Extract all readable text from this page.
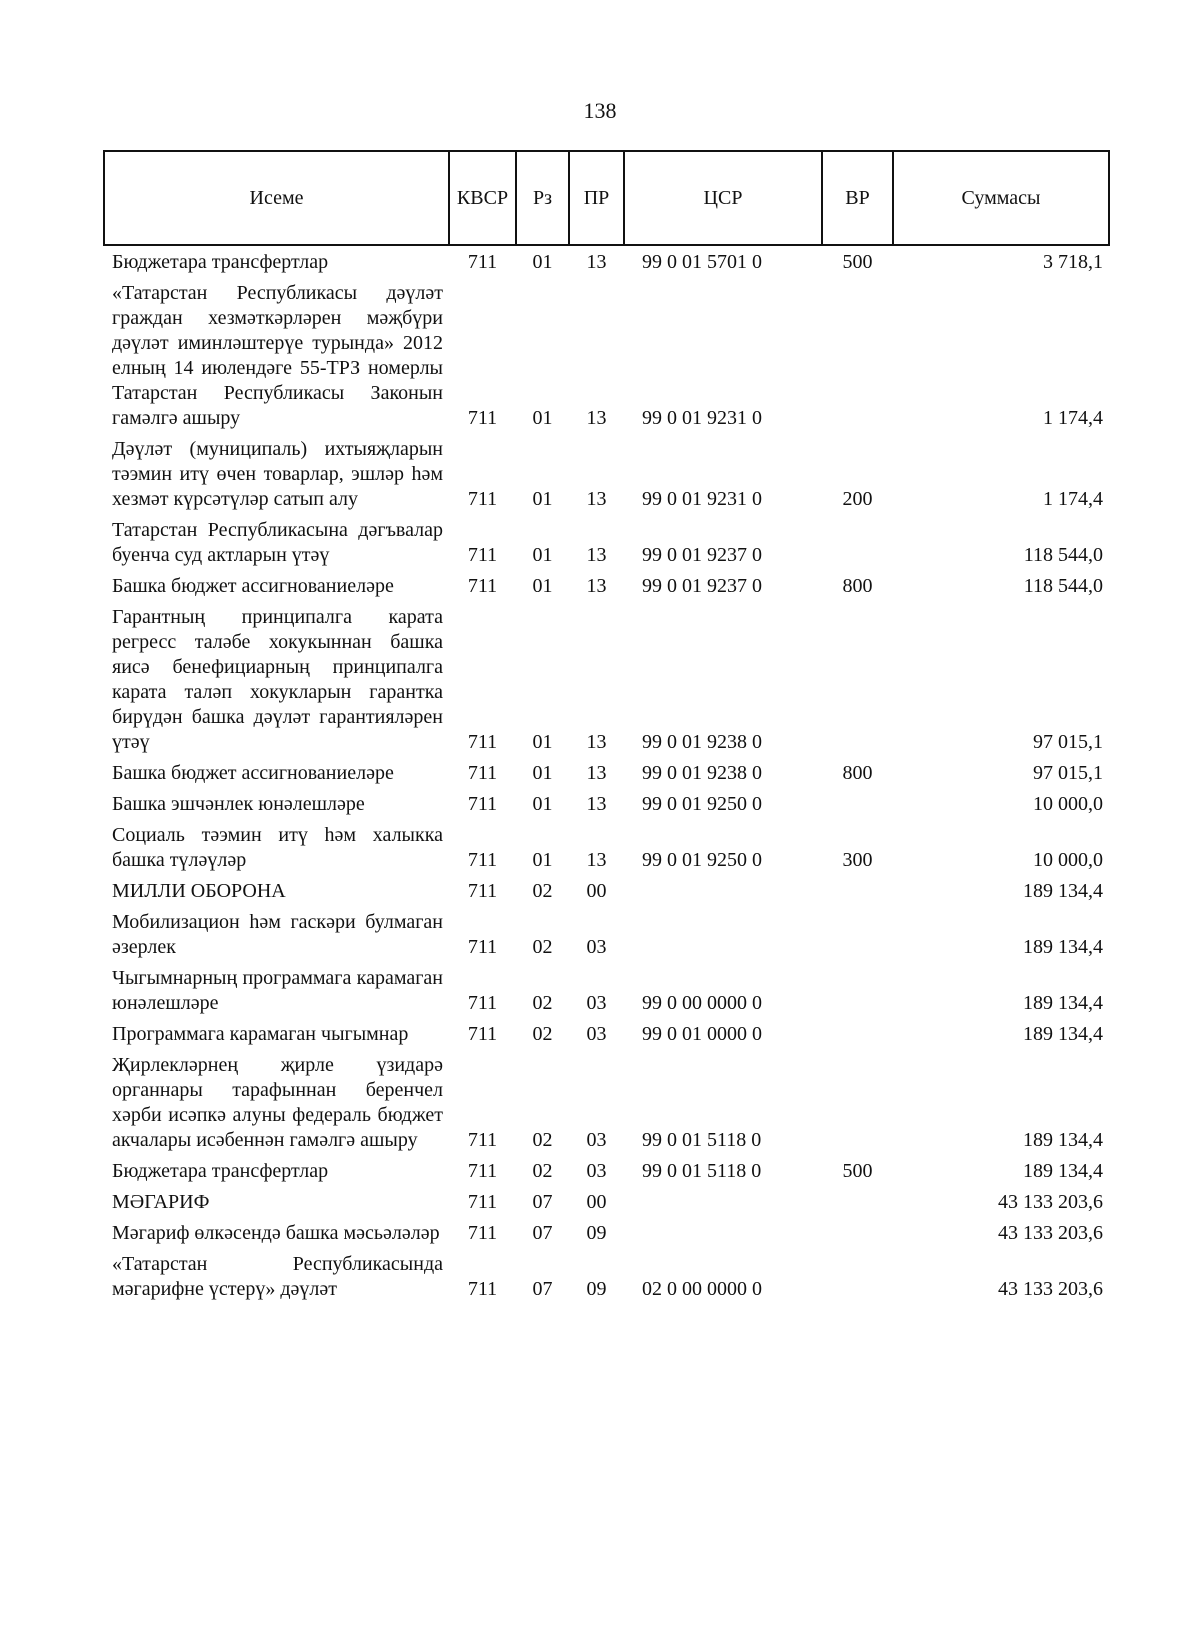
138
Исеме	КВСР	Рз	ПР	ЦСР	ВР	Суммасы
Бюджетара трансфертлар	711	01	13	99 0 01 5701 0	500	3 718,1
«Татарстан Республикасы дәүләт граждан хезмәткәрләрен мәҗбүри дәүләт иминләштерүе турында» 2012 елның 14 июлендәге 55-ТРЗ номерлы Татарстан Республикасы Законын гамәлгә ашыру	711	01	13	99 0 01 9231 0		1 174,4
Дәүләт (муниципаль) ихтыяҗларын тәэмин итү өчен товарлар, эшләр һәм хезмәт күрсәтүләр сатып алу	711	01	13	99 0 01 9231 0	200	1 174,4
Татарстан Республикасына дәгъвалар буенча суд актларын үтәү	711	01	13	99 0 01 9237 0		118 544,0
Башка бюджет ассигнованиеләре	711	01	13	99 0 01 9237 0	800	118 544,0
Гарантның принципалга карата регресс таләбе хокукыннан башка яисә бенефициарның принципалга карата таләп хокукларын гарантка бирүдән башка дәүләт гарантияләрен үтәү	711	01	13	99 0 01 9238 0		97 015,1
Башка бюджет ассигнованиеләре	711	01	13	99 0 01 9238 0	800	97 015,1
Башка эшчәнлек юнәлешләре	711	01	13	99 0 01 9250 0		10 000,0
Социаль тәэмин итү һәм халыкка башка түләүләр	711	01	13	99 0 01 9250 0	300	10 000,0
МИЛЛИ ОБОРОНА	711	02	00			189 134,4
Мобилизацион һәм гаскәри булмаган әзерлек	711	02	03			189 134,4
Чыгымнарның программага карамаган юнәлешләре	711	02	03	99 0 00 0000 0		189 134,4
Программага карамаган чыгымнар	711	02	03	99 0 01 0000 0		189 134,4
Җирлекләрнең җирле үзидарә органнары тарафыннан беренчел хәрби исәпкә алуны федераль бюджет акчалары исәбеннән гамәлгә ашыру	711	02	03	99 0 01 5118 0		189 134,4
Бюджетара трансфертлар	711	02	03	99 0 01 5118 0	500	189 134,4
МӘГАРИФ	711	07	00			43 133 203,6
Мәгариф өлкәсендә башка мәсьәләләр	711	07	09			43 133 203,6
«Татарстан Республикасында мәгарифне үстерү» дәүләт	711	07	09	02 0 00 0000 0		43 133 203,6
